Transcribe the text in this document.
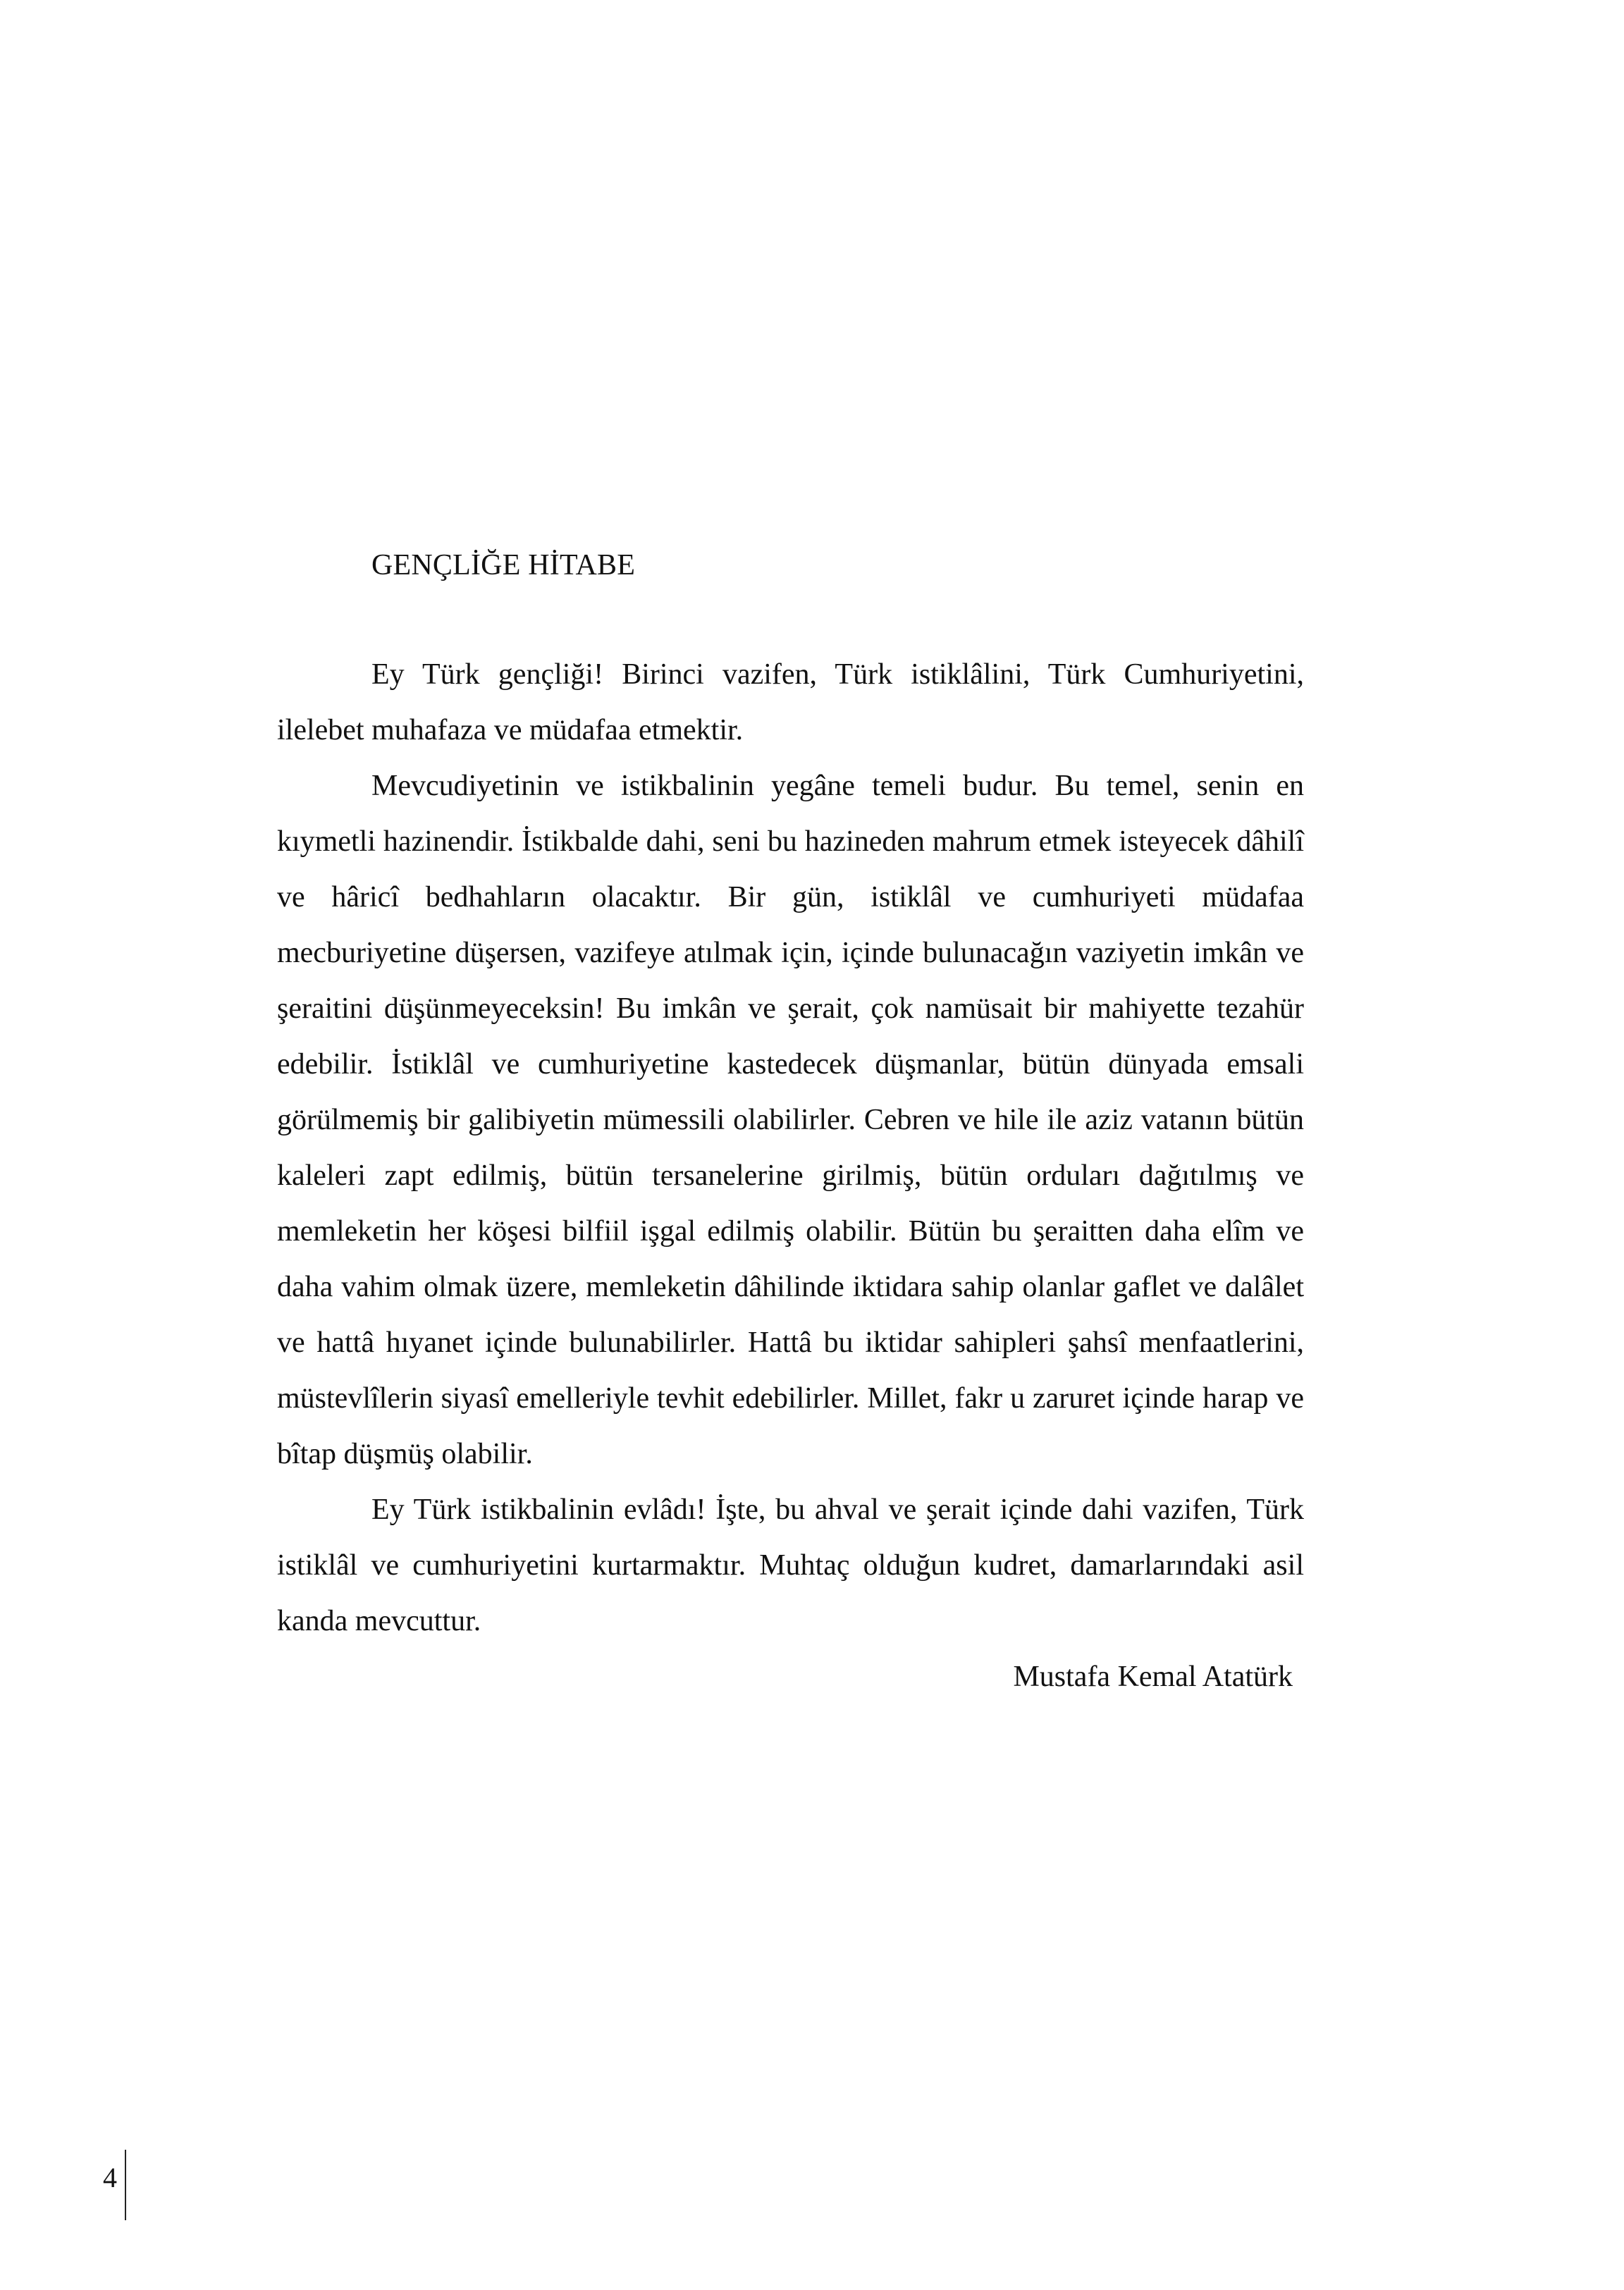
GENÇLİĞE HİTABE

Ey Türk gençliği! Birinci vazifen, Türk istiklâlini, Türk Cumhuriyetini, ilelebet muhafaza ve müdafaa etmektir.

Mevcudiyetinin ve istikbalinin yegâne temeli budur. Bu temel, senin en kıymetli hazinendir. İstikbalde dahi, seni bu hazineden mahrum etmek isteyecek dâhilî ve hâricî bedhahların olacaktır. Bir gün, istiklâl ve cumhuriyeti müdafaa mecburiyetine düşersen, vazifeye atılmak için, içinde bulunacağın vaziyetin imkân ve şeraitini düşünmeyeceksin! Bu imkân ve şerait, çok namüsait bir mahiyette tezahür edebilir. İstiklâl ve cumhuriyetine kastedecek düşmanlar, bütün dünyada emsali görülmemiş bir galibiyetin mümessili olabilirler. Cebren ve hile ile aziz vatanın bütün kaleleri zapt edilmiş, bütün tersanelerine girilmiş, bütün orduları dağıtılmış ve memleketin her köşesi bilfiil işgal edilmiş olabilir. Bütün bu şeraitten daha elîm ve daha vahim olmak üzere, memleketin dâhilinde iktidara sahip olanlar gaflet ve dalâlet ve hattâ hıyanet içinde bulunabilirler. Hattâ bu iktidar sahipleri şahsî menfaatlerini, müstevlîlerin siyasî emelleriyle tevhit edebilirler. Millet, fakr u zaruret içinde harap ve bîtap düşmüş olabilir.

Ey Türk istikbalinin evlâdı! İşte, bu ahval ve şerait içinde dahi vazifen, Türk istiklâl ve cumhuriyetini kurtarmaktır. Muhtaç olduğun kudret, damarlarındaki asil kanda mevcuttur.

Mustafa Kemal Atatürk

4
